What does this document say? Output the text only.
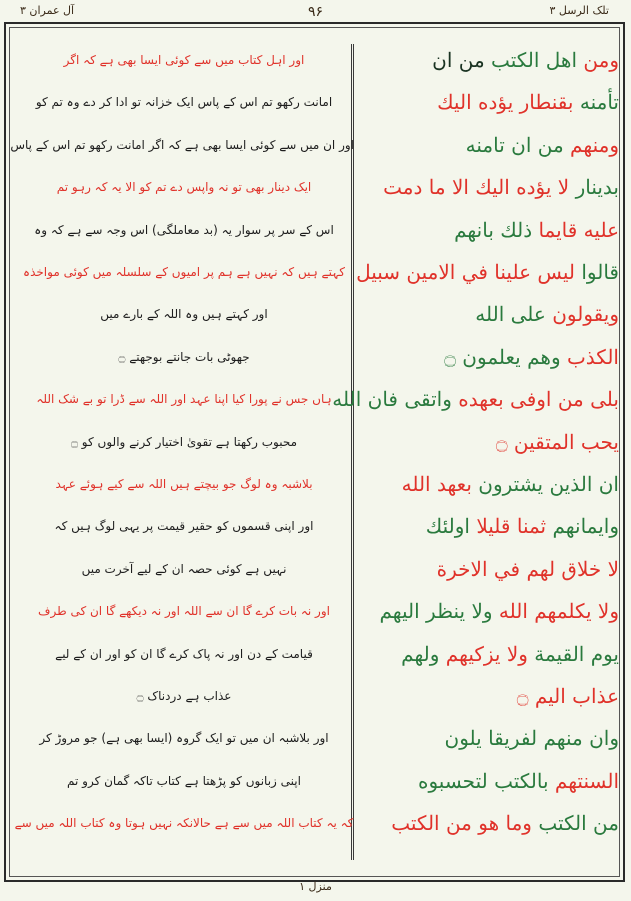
تلک الرسل ۳
۹۶
آل عمران ۳
اور اہل کتاب میں سے کوئی ایسا بھی ہے کہ اگر	ومن اهل الكتب من ان
امانت رکھو تم اس کے پاس ایک خزانہ تو ادا کر دے وہ تم کو	تأمنه بقنطار يؤده اليك
اور ان میں سے کوئی ایسا بھی ہے کہ اگر امانت رکھو تم اس کے پاس	ومنهم من ان تامنه
ایک دینار بھی تو نہ واپس دے تم کو الا یہ کہ رہو تم	بدينار لا يؤده اليك الا ما دمت
اس کے سر پر سوار یہ (بد معاملگی) اس وجہ سے ہے کہ وہ	عليه قايما ذلك بانهم
کہتے ہیں کہ نہیں ہے ہم پر امیوں کے سلسلہ میں کوئی مواخذہ	قالوا ليس علينا في الامين سبيل
اور کہتے ہیں وہ اللہ کے بارے میں	ويقولون على الله
جھوٹی بات جانتے بوجھتے ۝	الكذب وهم يعلمون ۝
ہاں جس نے پورا کیا اپنا عہد اور اللہ سے ڈرا تو بے شک اللہ	بلى من اوفى بعهده واتقى فان الله
محبوب رکھتا ہے تقویٰ اختیار کرنے والوں کو ۝	يحب المتقين ۝
بلاشبہ وہ لوگ جو بیچتے ہیں اللہ سے کیے ہوئے عہد	ان الذين يشترون بعهد الله
اور اپنی قسموں کو حقیر قیمت پر یہی لوگ ہیں کہ	وايمانهم ثمنا قليلا اولئك
نہیں ہے کوئی حصہ ان کے لیے آخرت میں	لا خلاق لهم في الاخرة
اور نہ بات کرے گا ان سے اللہ اور نہ دیکھے گا ان کی طرف	ولا يكلمهم الله ولا ينظر اليهم
قیامت کے دن اور نہ پاک کرے گا ان کو اور ان کے لیے	يوم القيمة ولا يزكيهم ولهم
عذاب ہے دردناک ۝	عذاب اليم ۝
اور بلاشبہ ان میں تو ایک گروہ (ایسا بھی ہے) جو مروڑ کر	وان منهم لفريقا يلون
اپنی زبانوں کو پڑھتا ہے کتاب تاکہ گمان کرو تم	السنتهم بالكتب لتحسبوه
کہ یہ کتاب اللہ میں سے ہے حالانکہ نہیں ہوتا وہ کتاب اللہ میں سے	من الكتب وما هو من الكتب
منزل ۱
